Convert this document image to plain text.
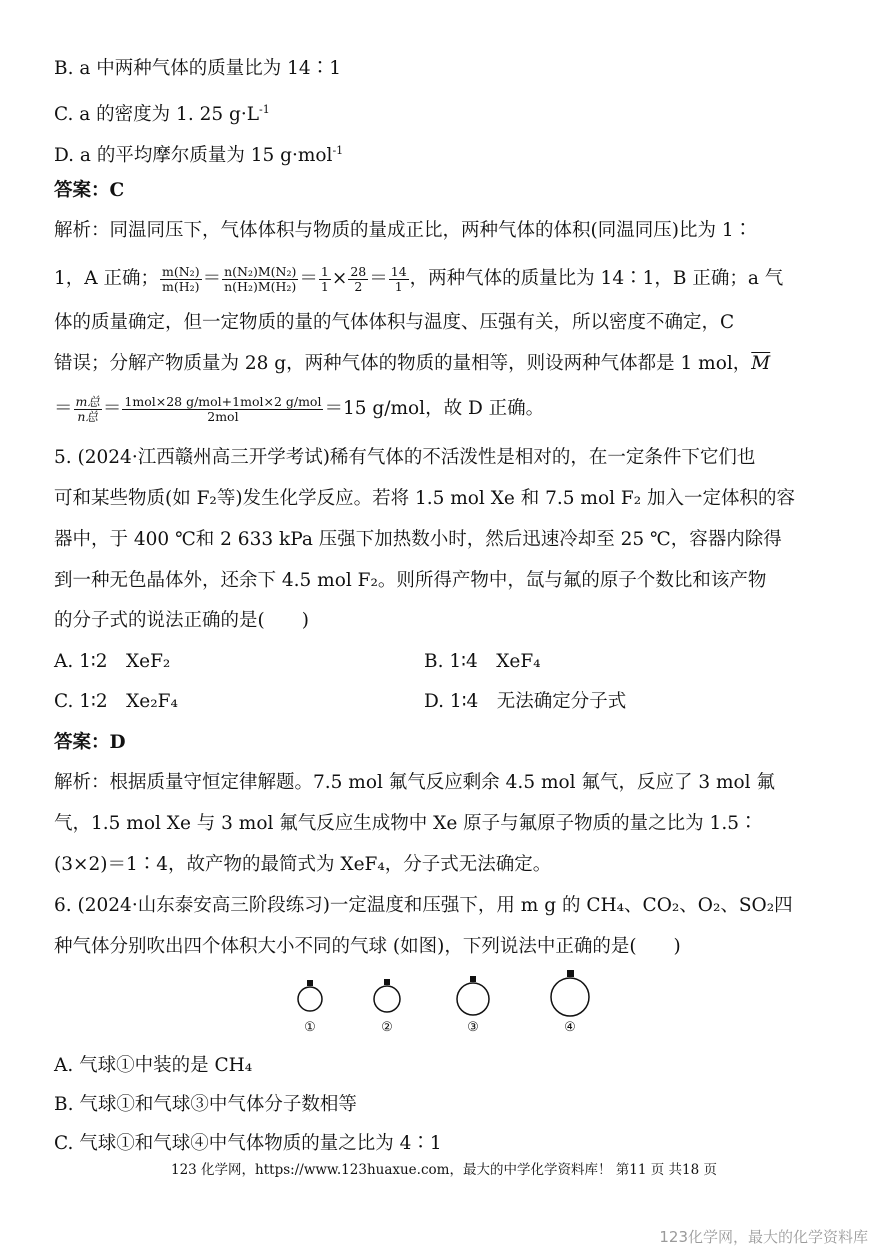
B. a 中两种气体的质量比为 14∶1
C. a 的密度为 1. 25 $g\cdot L^{-1}$
D. a 的平均摩尔质量为 15 g·mol$^{-1}$
答案：C
解析：同温同压下，气体体积与物质的量成正比，两种气体的体积(同温同压)比为 1∶
1，A 正确； $\frac{\text{m(N₂)}}{\text{m(H₂)}} = \frac{\text{n(N₂)M(N₂)}}{\text{n(H₂)M(H₂)}} = \frac{1}{1} \times \frac{28}{2} = \frac{14}{1}$ ，两种气体的质量比为 14∶1，B 正确；a 气
体的质量确定，但一定物质的量的气体体积与温度、压强有关，所以密度不确定，C
错误；分解产物质量为 28 g，两种气体的物质的量相等，则设两种气体都是 1 mol，$\overline{M}$
＝ $\frac{\text{m总}}{\text{n总}} = \frac{\text{1mol×28 g/mol+1mol×2 g/mol}}{\text{2mol}} =15$ g/mol，故 D 正确。
5. (2024·江西赣州高三开学考试)稀有气体的不活泼性是相对的，在一定条件下它们也
可和某些物质(如 F₂等)发生化学反应。若将 1.5 mol Xe 和 7.5 mol F₂ 加入一定体积的容
器中，于 400 ℃和 2 633 kPa 压强下加热数小时，然后迅速冷却至 25 ℃，容器内除得
到一种无色晶体外，还余下 4.5 mol F₂。则所得产物中，氙与氟的原子个数比和该产物
的分子式的说法正确的是(　　)
A. 1∶2　XeF₂	B. 1∶4　XeF₄
C. 1∶2　Xe₂F₄	D. 1∶4　无法确定分子式
答案：D
解析：根据质量守恒定律解题。7.5 mol 氟气反应剩余 4.5 mol 氟气，反应了 3 mol 氟
气，1.5 mol Xe 与 3 mol 氟气反应生成物中 Xe 原子与氟原子物质的量之比为 1.5∶
(3×2)＝1∶4，故产物的最简式为 XeF₄，分子式无法确定。
6. (2024·山东泰安高三阶段练习)一定温度和压强下，用 m g 的 CH₄、CO₂、O₂、SO₂四
种气体分别吹出四个体积大小不同的气球 (如图)，下列说法中正确的是(　　)
①	②	③	④
A. 气球①中装的是 CH₄
B. 气球①和气球③中气体分子数相等
C. 气球①和气球④中气体物质的量之比为 4∶1
123 化学网，https://www.123huaxue.com，最大的中学化学资料库！ 第11 页 共18 页
123化学网，最大的化学资料库
